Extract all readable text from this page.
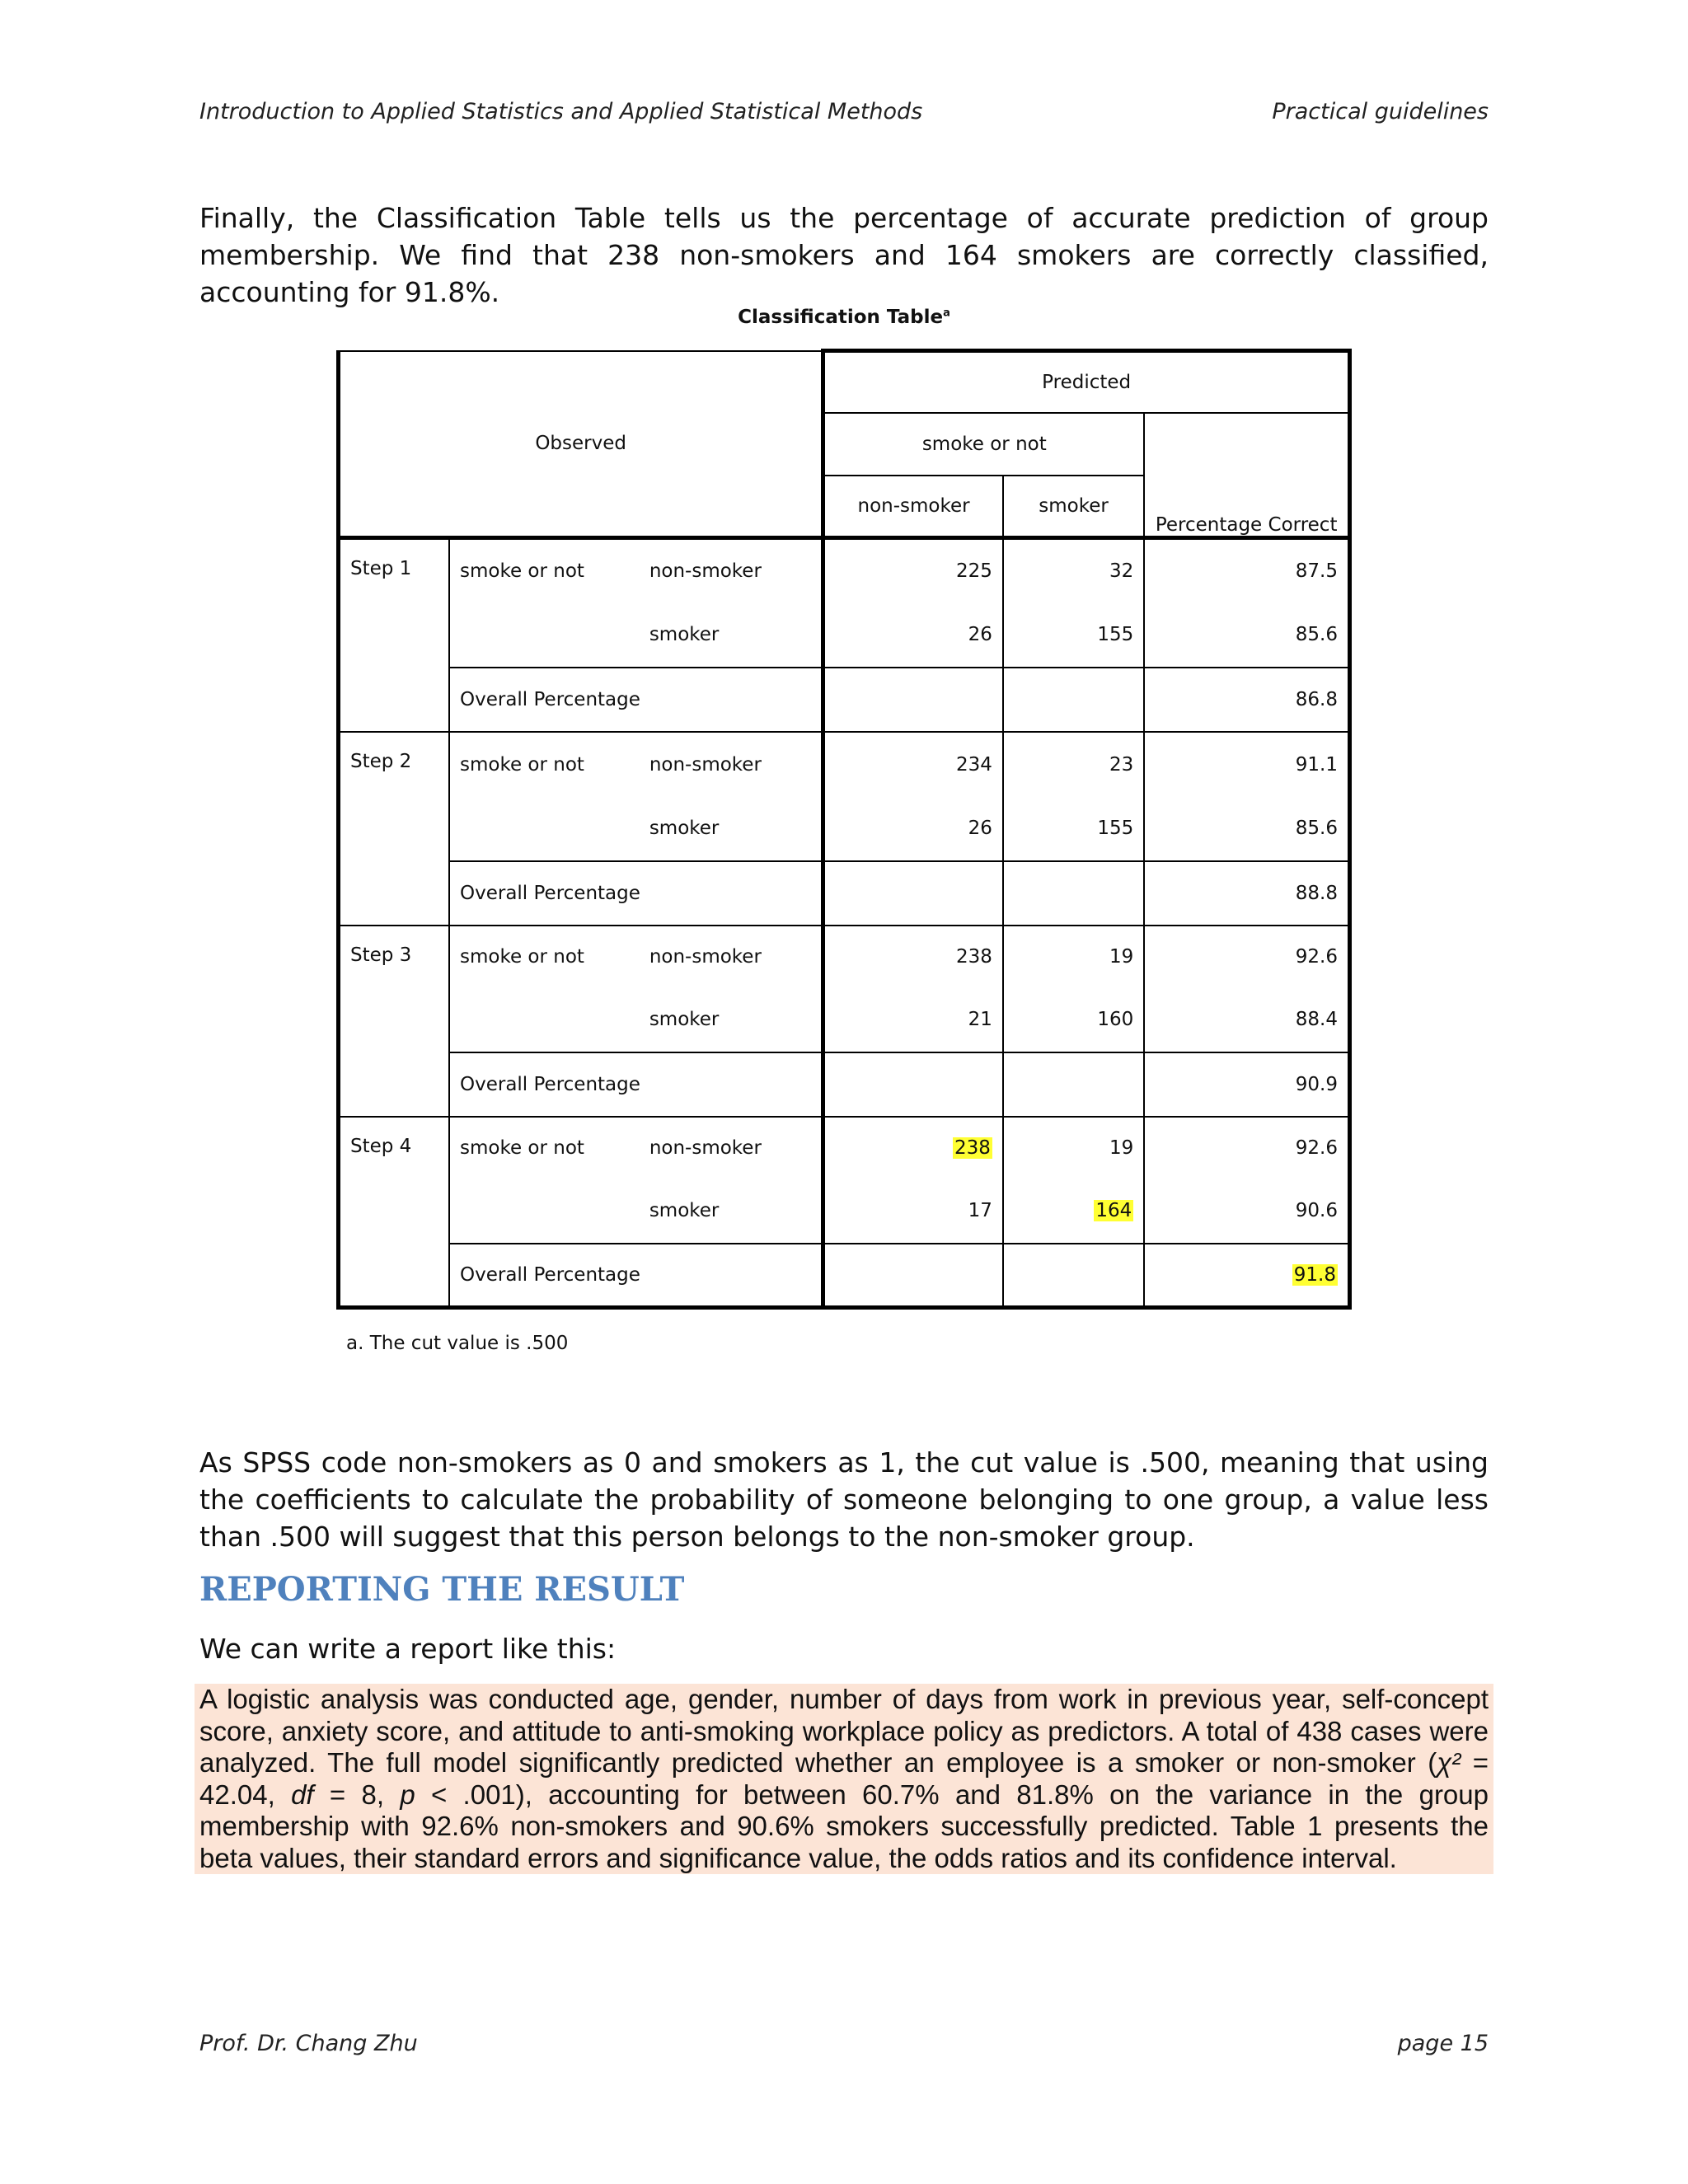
Introduction to Applied Statistics and Applied Statistical Methods	Practical guidelines

Finally, the Classification Table tells us the percentage of accurate prediction of group membership. We find that 238 non-smokers and 164 smokers are correctly classified, accounting for 91.8%.

Classification Table$^a$
Observed			Predicted		
			smoke or not		Percentage Correct
			non-smoker	smoker	
Step 1	smoke or not	non-smoker	225	32	87.5
		smoker	26	155	85.6
	Overall Percentage				86.8
Step 2	smoke or not	non-smoker	234	23	91.1
		smoker	26	155	85.6
	Overall Percentage				88.8
Step 3	smoke or not	non-smoker	238	19	92.6
		smoker	21	160	88.4
	Overall Percentage				90.9
Step 4	smoke or not	non-smoker	238	19	92.6
		smoker	17	164	90.6
	Overall Percentage				91.8
a. The cut value is .500

As SPSS code non-smokers as 0 and smokers as 1, the cut value is .500, meaning that using the coefficients to calculate the probability of someone belonging to one group, a value less than .500 will suggest that this person belongs to the non-smoker group.

REPORTING THE RESULT
We can write a report like this:

A logistic analysis was conducted age, gender, number of days from work in previous year, self-concept score, anxiety score, and attitude to anti-smoking workplace policy as predictors. A total of 438 cases were analyzed. The full model significantly predicted whether an employee is a smoker or non-smoker (χ² = 42.04, df = 8, p < .001), accounting for between 60.7% and 81.8% on the variance in the group membership with 92.6% non-smokers and 90.6% smokers successfully predicted. Table 1 presents the beta values, their standard errors and significance value, the odds ratios and its confidence interval.

Prof. Dr. Chang Zhu	page 15
